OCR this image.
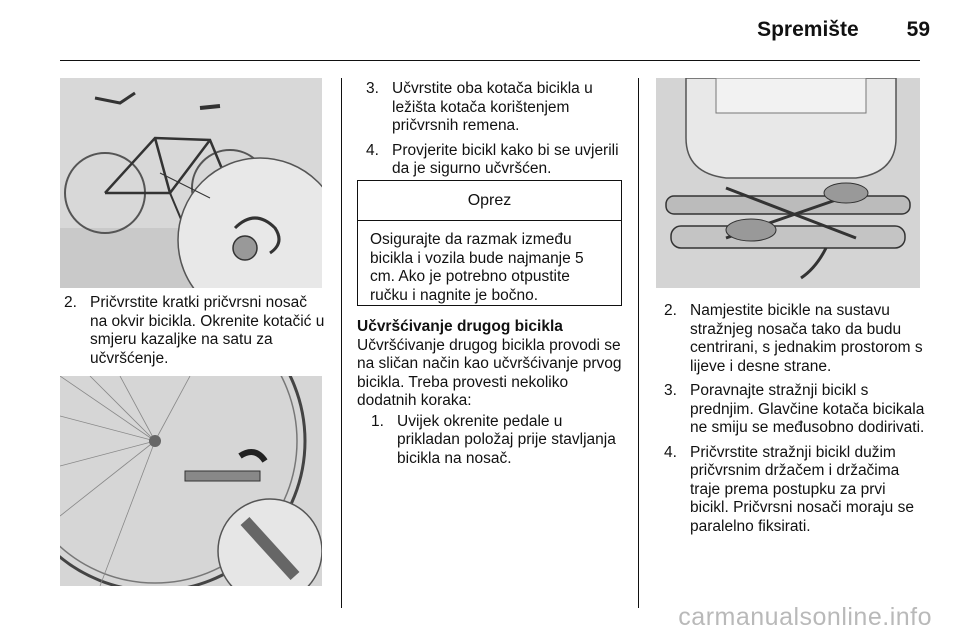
Spremište 59
2. Pričvrstite kratki pričvrsni nosač na okvir bicikla. Okrenite kotačić u smjeru kazaljke na satu za učvršćenje.
3. Učvrstite oba kotača bicikla u ležišta kotača korištenjem pričvrsnih remena.
4. Provjerite bicikl kako bi se uvjerili da je sigurno učvršćen.
Oprez
Osigurajte da razmak između bicikla i vozila bude najmanje 5 cm. Ako je potrebno otpustite ručku i nagnite je bočno.
Učvršćivanje drugog bicikla
Učvršćivanje drugog bicikla provodi se na sličan način kao učvršćivanje prvog bicikla. Treba provesti nekoliko dodatnih koraka:
1. Uvijek okrenite pedale u prikladan položaj prije stavljanja bicikla na nosač.
2. Namjestite bicikle na sustavu stražnjeg nosača tako da budu centrirani, s jednakim prostorom s lijeve i desne strane.
3. Poravnajte stražnji bicikl s prednjim. Glavčine kotača bicikala ne smiju se međusobno dodirivati.
4. Pričvrstite stražnji bicikl dužim pričvrsnim držačem i držačima traje prema postupku za prvi bicikl. Pričvrsni nosači moraju se paralelno fiksirati.
carmanualsonline.info
